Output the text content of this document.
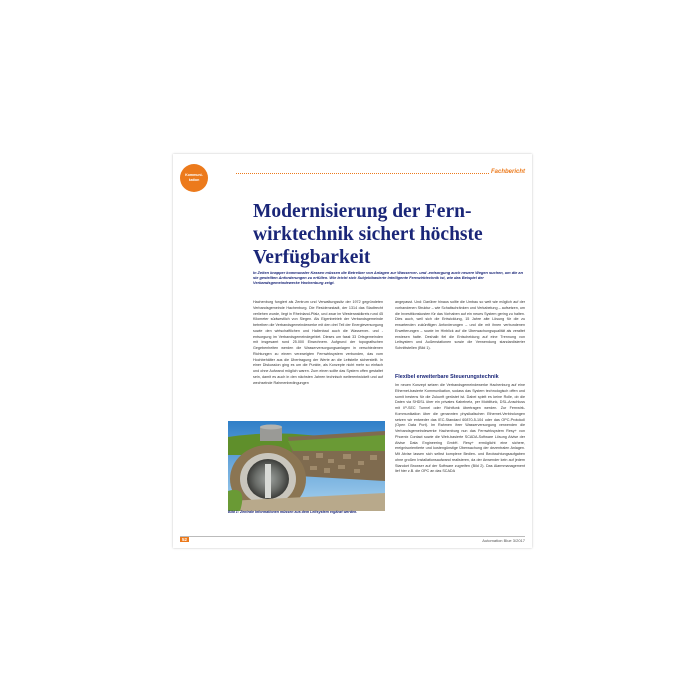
Kommuni-
kation
Fachbericht
Modernisierung der Fern- wirktechnik sichert höchste Verfügbarkeit

In Zeiten knapper kommunaler Kassen müssen die Betreiber von Anlagen zur Wasserver- und -entsorgung auch neuere Wegen suchen, um die an sie gestellten Anforderungen zu erfüllen. Wie leicht sich Subjektbasierte Intelligente Fernwirktechnik ist, wie das Beispiel der Verbandsgemeindewerke Hachenburg zeigt.

Hachenburg fungiert als Zentrum und Verwaltungssitz der 1972 gegründeten Verbandsgemeinde Hachenburg. Die Residenzstadt, der 1314 das Stadtrecht verliehen wurde, liegt in Rheinland-Pfalz, und zwar im Westerwaldkreis rund 45 Kilometer südwestlich von Siegen. Als Eigenbetrieb der Verbandsgemeinde betreiben die Verbandsgemeindewerke mit den drei Teil der Energieversorgung sowie den wirtschaftlichen und Hallenbad auch die Wasserver- und -entsorgung im Verbandsgemeindegebiet. Dieses um fasst 33 Ortsgemeinden mit insgesamt rund 25.000 Einwohnern. Aufgrund der topografischen Gegebenheiten werden die Wasserversorgungsanlagen in verschiedenen Richtungen zu einem verzweigten Fernwirksystem verbunden, das vom Hochbehälter aus die Übertragung der Werte an die Leitstelle sicherstellt. In einer Diskussion ging es um die Punkte, als Konzepte nicht mehr so einfach und ohne Aufwand möglich waren. Zum einen sollte das System offen gestaltet sein, damit es auch in den nächsten Jahren technisch weiterentwickelt und auf wechselnde Rahmenbedingungen

angepasst. Und: Darüber hinaus sollte die Umbau so weit wie möglich auf der vorhandenen Struktur – wie Schaltschränken und Verkabelung – aufsetzen, um die Investitionskosten für das Vorhaben auf ein neues System gering zu halten. Dies auch, weil sich die Entwicklung, 15 Jahre alte Lösung für die zu erwartenden zukünftigen Anforderungen – und die mit ihnen verbundenen Erweiterungen – sowie im Hinblick auf die Überwachungsqualität als veraltet erwiesen hatte. Deshalb fiel die Entscheidung auf eine Trennung von Leitsystem und Außenstationen sowie die Verwendung standardisierter Schnittstellen (Bild 1).

Flexibel erweiterbare Steuerungstechnik

Im neuen Konzept setzen die Verbandsgemeindewerke Hachenburg auf eine Ethernet-basierte Kommunikation, sodass das System technologisch offen und somit bestens für die Zukunft gerüstet ist. Dabei spielt es keine Rolle, ob die Daten via SHDSL über ein privates Kabelnetz, per Mobilfunk, DSL-Anschluss mit IP-SEC Tunnel oder Richtfunk übertragen werden. Zur Fernwirk-Kommunikation über die genannten physikalischen Ethernet-Verbindungen setzen wir entweder das IEC-Standard 60870-5-104 oder das OPC-Protokoll (Open Data Port). Im Rahmen ihrer Wasserversorgung verwenden die Verbandsgemeindewerke Hachenburg nun das Fernwirksystem Resy+ von Phoenix Contact sowie die Web-basierte SCADA-Software Lösung Atvise der Atvise Data Engineering GmbH. Resy+ ermöglicht eine sichere, ereignisorientierte und kostengünstige Überwachung der dezentralen Anlagen. Mit Atvise lassen sich selbst komplexe Bedien- und Beobachtungsaufgaben ohne großen Installationsaufwand realisieren, da der Anwender kein auf jedem Standort Browser auf der Software zugreifen (Bild 2). Das Alarmmanagement lief hier z.B. die OPC an das SCADA

Bild 1: Zentrale Informationen müssen aus dem Leitsystem ergänzt werden.

52	Automation Blue 3/2017
